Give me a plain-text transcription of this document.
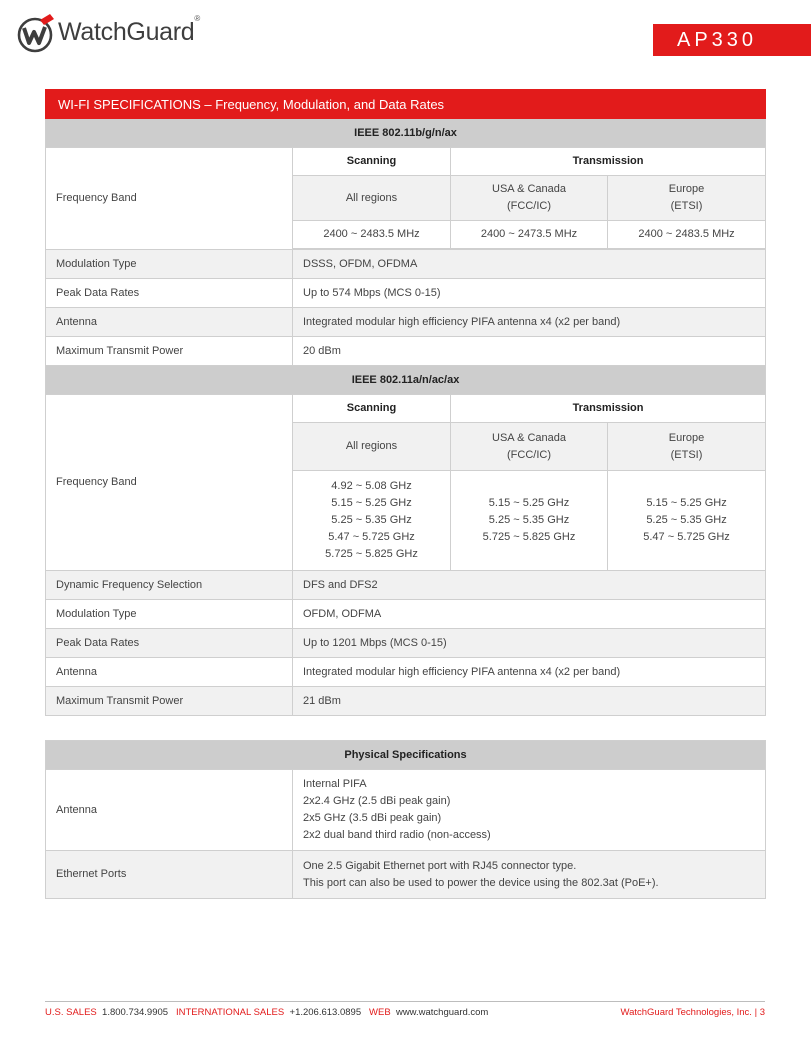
WatchGuard®
AP330
WI-FI SPECIFICATIONS – Frequency, Modulation, and Data Rates			
IEEE 802.11b/g/n/ax			
Frequency Band	Scanning	Transmission	
	All regions	USA & Canada
(FCC/IC)	Europe
(ETSI)
	2400 ~ 2483.5 MHz	2400 ~ 2473.5 MHz	2400 ~ 2483.5 MHz

Modulation Type	DSSS, OFDM, OFDMA		
Peak Data Rates	Up to 574 Mbps (MCS 0-15)		
Antenna	Integrated modular high efficiency PIFA antenna x4 (x2 per band)		
Maximum Transmit Power	20 dBm		
IEEE 802.11a/n/ac/ax			
Frequency Band	Scanning	Transmission	
	All regions	USA & Canada
(FCC/IC)	Europe
(ETSI)
	4.92 ~ 5.08 GHz
5.15 ~ 5.25 GHz
5.25 ~ 5.35 GHz
5.47 ~ 5.725 GHz
5.725 ~ 5.825 GHz	5.15 ~ 5.25 GHz
5.25 ~ 5.35 GHz
5.725 ~ 5.825 GHz	5.15 ~ 5.25 GHz
5.25 ~ 5.35 GHz
5.47 ~ 5.725 GHz
Dynamic Frequency Selection	DFS and DFS2		
Modulation Type	OFDM, ODFMA		
Peak Data Rates	Up to 1201 Mbps (MCS 0-15)		
Antenna	Integrated modular high efficiency PIFA antenna x4 (x2 per band)		
Maximum Transmit Power	21 dBm		
Physical Specifications	
Antenna	Internal PIFA
2x2.4 GHz (2.5 dBi peak gain)
2x5 GHz (3.5 dBi peak gain)
2x2 dual band third radio (non-access)
Ethernet Ports	One 2.5 Gigabit Ethernet port with RJ45 connector type.
This port can also be used to power the device using the 802.3at (PoE+).
U.S. SALES 1.800.734.9905 INTERNATIONAL SALES +1.206.613.0895 WEB www.watchguard.com	WatchGuard Technologies, Inc. | 3
